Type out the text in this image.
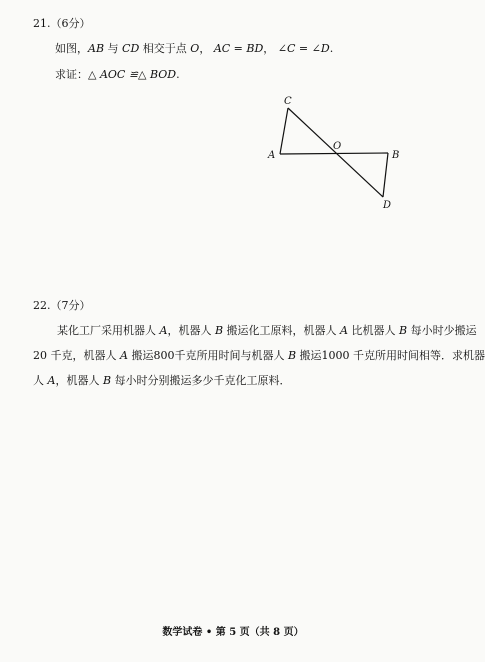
21.（6分）
如图，AB 与 CD 相交于点 O， AC = BD， ∠C = ∠D.
求证：△ AOC ≌△ BOD.
C
A
O
B
D
22.（7分）
某化工厂采用机器人 A，机器人 B 搬运化工原料，机器人 A 比机器人 B 每小时少搬运
20 千克，机器人 A 搬运800千克所用时间与机器人 B 搬运1000 千克所用时间相等．求机器
人 A，机器人 B 每小时分别搬运多少千克化工原料．
数学试卷 • 第 5 页（共 8 页）
